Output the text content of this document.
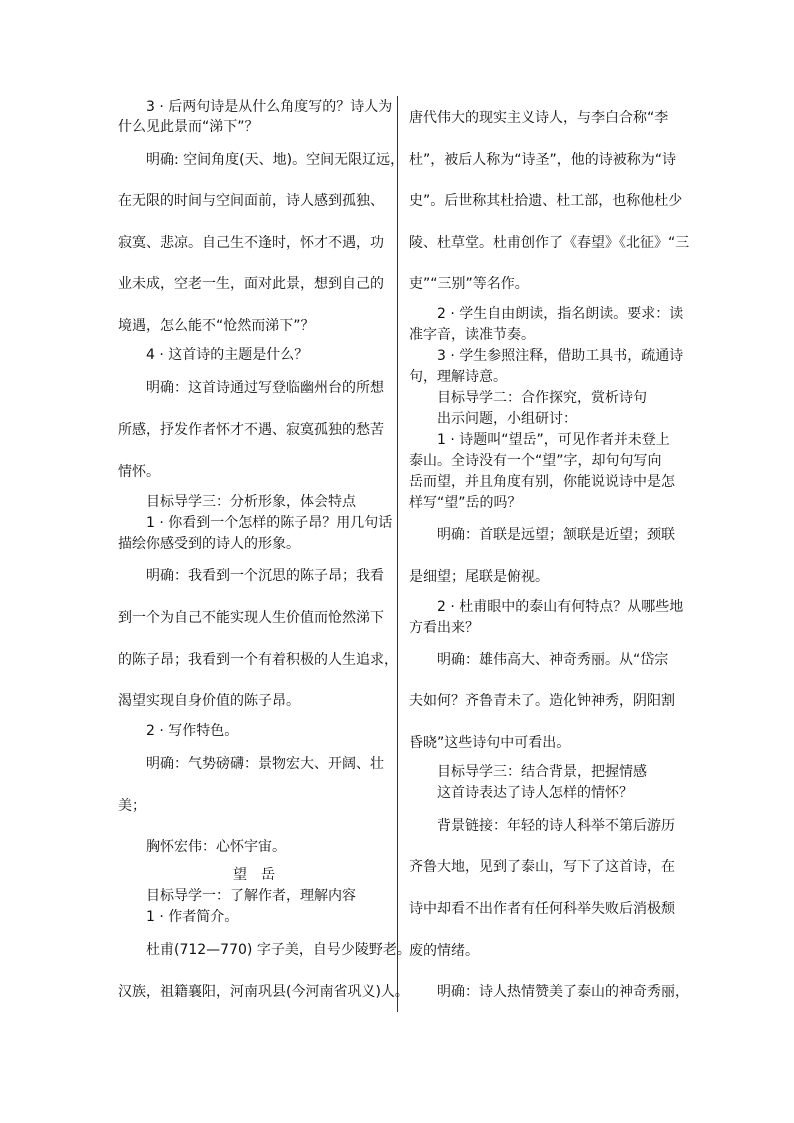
3 · 后两句诗是从什么角度写的？诗人为
什么见此景而“涕下”？
明确: 空间角度(天、地)。空间无限辽远，
在无限的时间与空间面前，诗人感到孤独、
寂寞、悲凉。自己生不逢时，怀才不遇，功
业未成，空老一生，面对此景，想到自己的
境遇，怎么能不“怆然而涕下”？
4 · 这首诗的主题是什么？
明确：这首诗通过写登临幽州台的所想
所感，抒发作者怀才不遇、寂寞孤独的愁苦
情怀。
目标导学三：分析形象，体会特点
1 · 你看到一个怎样的陈子昂？用几句话
描绘你感受到的诗人的形象。
明确：我看到一个沉思的陈子昂；我看
到一个为自己不能实现人生价值而怆然涕下
的陈子昂；我看到一个有着积极的人生追求，
渴望实现自身价值的陈子昂。
2 · 写作特色。
明确：气势磅礴：景物宏大、开阔、壮
美；
胸怀宏伟：心怀宇宙。
望　岳
目标导学一：了解作者，理解内容
1 · 作者简介。
杜甫(712—770) 字子美，自号少陵野老。
汉族，祖籍襄阳，河南巩县(今河南省巩义)人。
唐代伟大的现实主义诗人，与李白合称“李
杜”，被后人称为“诗圣”，他的诗被称为“诗
史”。后世称其杜拾遗、杜工部，也称他杜少
陵、杜草堂。杜甫创作了《春望》《北征》“三
吏”“三别”等名作。
2 · 学生自由朗读，指名朗读。要求：读
准字音，读准节奏。
3 · 学生参照注释，借助工具书，疏通诗
句，理解诗意。
目标导学二：合作探究，赏析诗句
出示问题，小组研讨：
1 · 诗题叫“望岳”，可见作者并未登上
泰山。全诗没有一个“望”字，却句句写向
岳而望，并且角度有别，你能说说诗中是怎
样写“望”岳的吗？
明确：首联是远望；颔联是近望；颈联
是细望；尾联是俯视。
2 · 杜甫眼中的泰山有何特点？从哪些地
方看出来？
明确：雄伟高大、神奇秀丽。从“岱宗
夫如何？齐鲁青未了。造化钟神秀，阴阳割
昏晓”这些诗句中可看出。
目标导学三：结合背景，把握情感
这首诗表达了诗人怎样的情怀？
背景链接：年轻的诗人科举不第后游历
齐鲁大地，见到了泰山，写下了这首诗，在
诗中却看不出作者有任何科举失败后消极颓
废的情绪。
明确：诗人热情赞美了泰山的神奇秀丽，
